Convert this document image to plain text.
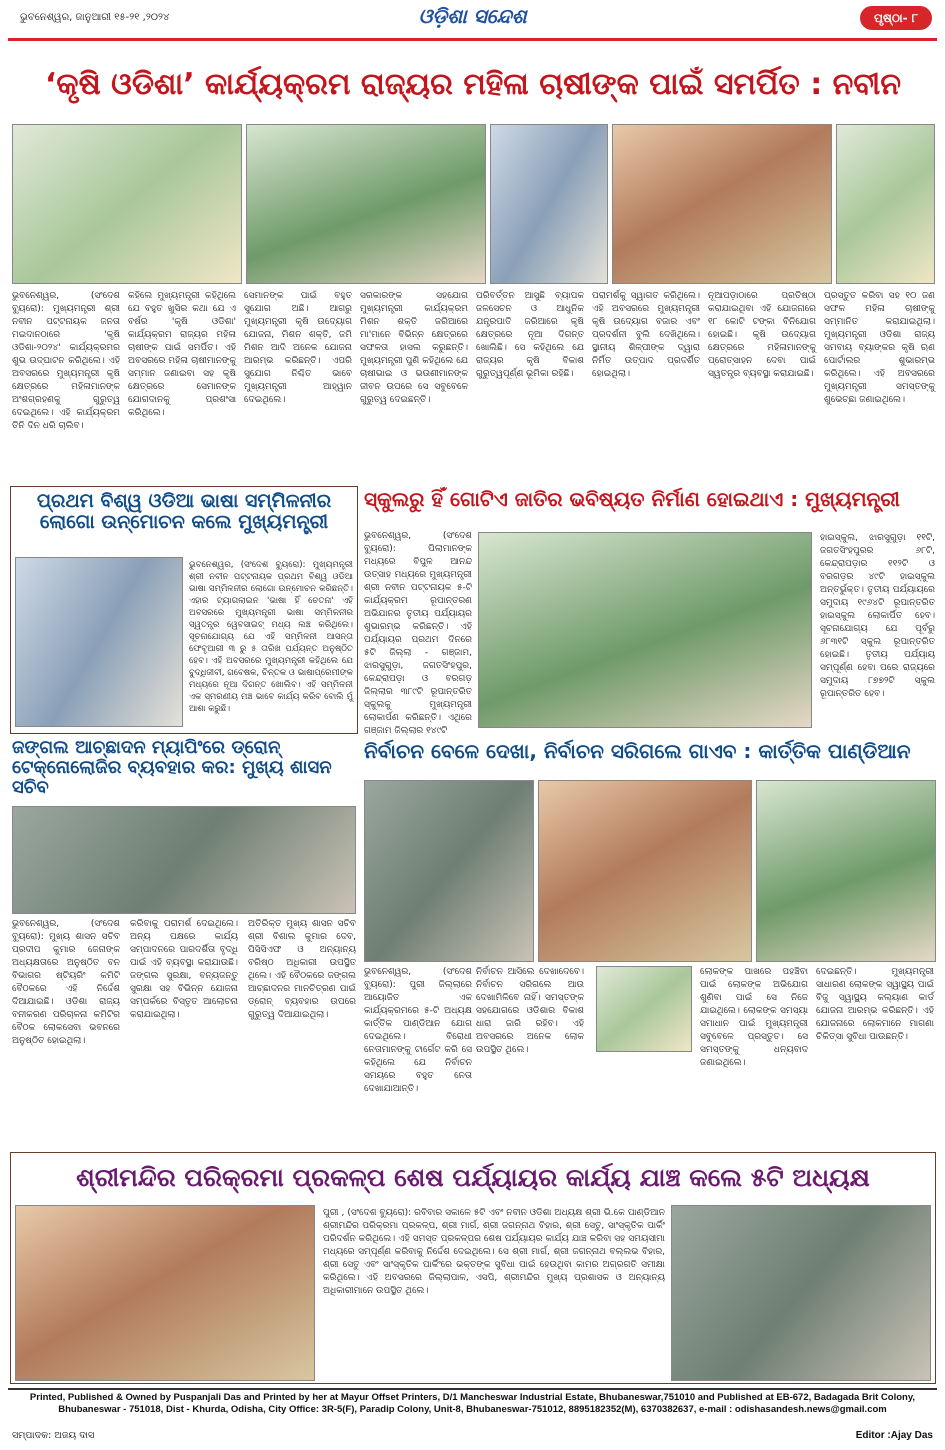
ଭୁବନେଶ୍ୱର, ଜାନୁଆରୀ ୧୫-୨୧ ,୨୦୨୪	ଓଡ଼ିଶା ସନ୍ଦେଶ	ପୃଷ୍ଠା- ୮
‘କୃଷି ଓଡିଶା’ କାର୍ଯ୍ୟକ୍ରମ ରାଜ୍ୟର ମହିଳା ଚାଷୀଙ୍କ ପାଇଁ ସମର୍ପିତ : ନବୀନ
ଭୁବନେଶ୍ୱର, (ସଂଦେଶ ବ୍ୟୁରୋ): ମୁଖ୍ୟମନ୍ତ୍ରୀ ଶ୍ରୀ ନବୀନ ପଟ୍ଟନାୟକ ଜନତା ମଇଦାନଠାରେ 'କୃଷି ଓଡିଶା-୨୦୨୪' କାର୍ଯ୍ୟକ୍ରମର ଶୁଭ ଉଦ୍‌ଘାଟନ କରିଥିଲେ। ଏହି ଅବସରରେ ମୁଖ୍ୟମନ୍ତ୍ରୀ କୃଷି କ୍ଷେତ୍ରରେ ମହିଳାମାନଙ୍କ ଅଂଶଗ୍ରହଣକୁ ଗୁରୁତ୍ୱ ଦେଇଥିଲେ। ଏହି କାର୍ଯ୍ୟକ୍ରମ ତିନି ଦିନ ଧରି ଚାଲିବ।
କହିଲେ ମୁଖ୍ୟମନ୍ତ୍ରୀ କହିଥିଲେ ଯେ ବହୁତ ଖୁସିର କଥା ଯେ ଏ ବର୍ଷର 'କୃଷି ଓଡିଶା' କାର୍ଯ୍ୟକ୍ରମ ରାଜ୍ୟର ମହିଳା ଚାଷୀଙ୍କ ପାଇଁ ସମର୍ପିତ। ଏହି ଅବସରରେ ମହିଳା ଚାଷୀମାନଙ୍କୁ ସମ୍ମାନ ଜଣାଇବା ସହ କୃଷି କ୍ଷେତ୍ରରେ ସେମାନଙ୍କ ଯୋଗଦାନକୁ ପ୍ରଶଂସା କରିଥିଲେ।
ସେମାନଙ୍କ ପାଇଁ ବହୁତ ସୁଯୋଗ ଅଛି। ଆଗରୁ ମୁଖ୍ୟମନ୍ତ୍ରୀ କୃଷି ଉଦ୍ୟୋଗ ଯୋଜନା, ମିଶନ ଶକ୍ତି, ଜମି ମିଶନ ଆଦି ଅନେକ ଯୋଜନା ଆରମ୍ଭ କରିଛନ୍ତି। ଏପରି ସୁଯୋଗ ନିଶ୍ଚିତ ଭାବେ ମୁଖ୍ୟମନ୍ତ୍ରୀ ଆହ୍ୱାନ ଦେଇଥିଲେ।
ସରକାରଙ୍କ ସହଯୋଗ ମୁଖ୍ୟମନ୍ତ୍ରୀ କାର୍ଯ୍ୟକ୍ରମ ମିଶନ ଶକ୍ତି ଜରିଆରେ ମା'ମାନେ ବିଭିନ୍ନ କ୍ଷେତ୍ରରେ ସଫଳତା ହାସଲ କରୁଛନ୍ତି। ମୁଖ୍ୟମନ୍ତ୍ରୀ ପୁଣି କହିଥିଲେ ଯେ ଚାଷୀଭାଇ ଓ ଭଉଣୀମାନଙ୍କ ଜୀବନ ଉପରେ ସେ ସବୁବେଳେ ଗୁରୁତ୍ୱ ଦେଇଛନ୍ତି।
ପରିବର୍ତ୍ତନ ଆସୁଛି ବ୍ୟାପକ ଜଳସେଚନ ଓ ଆଧୁନିକ ଯନ୍ତ୍ରପାତି ଜରିଆରେ କୃଷି କ୍ଷେତ୍ରରେ ନୂଆ ଦିଗନ୍ତ ଖୋଲିଛି। ସେ କହିଥିଲେ ଯେ ରାଜ୍ୟର କୃଷି ବିକାଶ ଗୁରୁତ୍ୱପୂର୍ଣ୍ଣ ଭୂମିକା ରହିଛି।
ପରାମର୍ଶକୁ ସ୍ୱାଗତ କରିଥିଲେ। ଏହି ଅବସରରେ ମୁଖ୍ୟମନ୍ତ୍ରୀ କୃଷି ଉଦ୍ୟୋଗ ବଜାର ଏବଂ ପ୍ରଦର୍ଶନୀ ବୁଲି ଦେଖିଥିଲେ। ସ୍ଥାନୀୟ ଶିଳ୍ପୀଙ୍କ ଦ୍ୱାରା ନିର୍ମିତ ଉତ୍ପାଦ ପ୍ରଦର୍ଶିତ ହୋଇଥିଲା।
ନୂଆପଡ଼ାଠାରେ ପ୍ରତିଷ୍ଠା କରାଯାଇଥିବା ଏହି ଯୋଜନାରେ ୧୮ କୋଟି ଟଙ୍କା ବିନିଯୋଗ ହୋଇଛି। କୃଷି ଉଦ୍ୟୋଗ କ୍ଷେତ୍ରରେ ମହିଳାମାନଙ୍କୁ ପ୍ରୋତ୍ସାହନ ଦେବା ପାଇଁ ସ୍ୱତନ୍ତ୍ର ବ୍ୟବସ୍ଥା କରାଯାଇଛି।
ପ୍ରସ୍ତୁତ କରିବା ସହ ୧୦ ଜଣ ସଫଳ ମହିଳା ଚାଷୀଙ୍କୁ ସମ୍ମାନିତ କରାଯାଇଥିଲା। ମୁଖ୍ୟମନ୍ତ୍ରୀ ଓଡିଶା ରାଜ୍ୟ ସମବାୟ ବ୍ୟାଙ୍କର କୃଷି ଋଣ ପୋର୍ଟାଲର ଶୁଭାରମ୍ଭ କରିଥିଲେ। ଏହି ଅବସରରେ ମୁଖ୍ୟମନ୍ତ୍ରୀ ସମସ୍ତଙ୍କୁ ଶୁଭେଚ୍ଛା ଜଣାଇଥିଲେ।
ପ୍ରଥମ ବିଶ୍ୱ ଓଡିଆ ଭାଷା ସମ୍ମିଳନୀର ଲୋଗୋ ଉନ୍ମୋଚନ କଲେ ମୁଖ୍ୟମନ୍ତ୍ରୀ
ଭୁବନେଶ୍ୱର, (ସଂଦେଶ ବ୍ୟୁରୋ): ମୁଖ୍ୟମନ୍ତ୍ରୀ ଶ୍ରୀ ନବୀନ ପଟ୍ଟନାୟକ ପ୍ରଥମ ବିଶ୍ୱ ଓଡିଆ ଭାଷା ସମ୍ମିଳନୀର ଲୋଗୋ ଉନ୍ମୋଚନ କରିଛନ୍ତି। ଏହାର ଟ୍ୟାଗଲାଇନ 'ଭାଷା ହିଁ ଚେତନା' ଏହି ଅବସରରେ ମୁଖ୍ୟମନ୍ତ୍ରୀ ଭାଷା ସମ୍ମିଳନୀର ସ୍ୱତନ୍ତ୍ର ୱେବସାଇଟ୍ ମଧ୍ୟ ଲଞ୍ଚ କରିଥିଲେ। ସୂଚନାଯୋଗ୍ୟ ଯେ ଏହି ସମ୍ମିଳନୀ ଆସନ୍ତା ଫେବୃଆରୀ ୩ ରୁ ୫ ତାରିଖ ପର୍ଯ୍ୟନ୍ତ ଅନୁଷ୍ଠିତ ହେବ। ଏହି ଅବସରରେ ମୁଖ୍ୟମନ୍ତ୍ରୀ କହିଥିଲେ ଯେ ବୁଦ୍ଧିଜୀବୀ, ଗବେଷକ, ଚିନ୍ତକ ଓ ଭାଷାପ୍ରେମୀଙ୍କ ମଧ୍ୟରେ ନୂଆ ଦିଗନ୍ତ ଖୋଲିବ। ଏହି ସମ୍ମିଳନୀ ଏକ ସ୍ମରଣୀୟ ମଞ୍ଚ ଭାବେ କାର୍ଯ୍ୟ କରିବ ବୋଲି ମୁଁ ଆଶା କରୁଛି।
ସ୍କୁଲରୁ ହିଁ ଗୋଟିଏ ଜାତିର ଭବିଷ୍ୟତ ନିର୍ମାଣ ହୋଇଥାଏ : ମୁଖ୍ୟମନ୍ତ୍ରୀ
ଭୁବନେଶ୍ୱର, (ସଂଦେଶ ବ୍ୟୁରୋ): ପିଲାମାନଙ୍କ ମଧ୍ୟରେ ବିପୁଳ ଆନନ୍ଦ ଉତ୍ସାହ ମଧ୍ୟରେ ମୁଖ୍ୟମନ୍ତ୍ରୀ ଶ୍ରୀ ନବୀନ ପଟ୍ଟନାୟକ ୫-ଟି କାର୍ଯ୍ୟକ୍ରମ ରୂପାନ୍ତରଣ ଅଭିଯାନର ତୃତୀୟ ପର୍ଯ୍ୟାୟର ଶୁଭାରମ୍ଭ କରିଛନ୍ତି। ଏହି ପର୍ଯ୍ୟାୟର ପ୍ରଥମ ଦିନରେ ୫ଟି ଜିଲ୍ଲା - ଗଞ୍ଜାମ, ଝାରସୁଗୁଡ଼ା, ଜଗତସିଂହପୁର, କେନ୍ଦ୍ରାପଡ଼ା ଓ ବରଗଡ଼ ଜିଲ୍ଲାର ୩୮୯ଟି ରୂପାନ୍ତରିତ ସ୍କୁଲକୁ ମୁଖ୍ୟମନ୍ତ୍ରୀ ଲୋକାର୍ପଣ କରିଛନ୍ତି। ଏଥିରେ ଗଞ୍ଜାମ ଜିଲ୍ଲାର ୧୪୯ଟି
ହାଇସ୍କୁଲ, ଝାରସୁଗୁଡ଼ା ୧୧ଟି, ଜଗତସିଂହପୁରର ୬୮ଟି, କେନ୍ଦ୍ରାପଡ଼ାର ୧୧୨ଟି ଓ ବରଗଡ଼ର ୪୯ଟି ହାଇସ୍କୁଲ ଅନ୍ତର୍ଭୁକ୍ତ। ତୃତୀୟ ପର୍ଯ୍ୟାୟରେ ସମୁଦାୟ ୧୯୬୪ଟି ରୂପାନ୍ତରିତ ହାଇସ୍କୁଲ ଲୋକାର୍ପିତ ହେବ। ସୂଚନାଯୋଗ୍ୟ ଯେ ପୂର୍ବରୁ ୬୮୩୧ଟି ସ୍କୁଲ ରୂପାନ୍ତରିତ ହୋଇଛି। ତୃତୀୟ ପର୍ଯ୍ୟାୟ ସମ୍ପୂର୍ଣ୍ଣ ହେବା ପରେ ରାଜ୍ୟରେ ସମୁଦାୟ ୮୭୭୨ଟି ସ୍କୁଲ ରୂପାନ୍ତରିତ ହେବ।
ଜଙ୍ଗଲ ଆଚ୍ଛାଦନ ମ୍ୟାପିଂରେ ଡ୍ରୋନ୍ ଟେକ୍ନୋଲୋଜିର ବ୍ୟବହାର କର: ମୁଖ୍ୟ ଶାସନ ସଚିବ
ଭୁବନେଶ୍ୱର, (ସଂଦେଶ ବ୍ୟୁରୋ): ମୁଖ୍ୟ ଶାସନ ସଚିବ ପ୍ରଦୀପ କୁମାର ଜେନାଙ୍କ ଅଧ୍ୟକ୍ଷତାରେ ଅନୁଷ୍ଠିତ ବନ ବିଭାଗର ଷ୍ଟିୟରିଂ କମିଟି ବୈଠକରେ ଏହି ନିର୍ଦ୍ଦେଶ ଦିଆଯାଇଛି। ଓଡିଶା ରାଜ୍ୟ ବନୀକରଣ ପରିଚାଳନା କମିଟିର ବୈଠକ ଲୋକସେବା ଭବନରେ ଅନୁଷ୍ଠିତ ହୋଇଥିଲା।
କରିବାକୁ ପରାମର୍ଶ ଦେଇଥିଲେ। ଅନ୍ୟ ପକ୍ଷରେ କାର୍ଯ୍ୟ ସମ୍ପାଦନରେ ପାରଦର୍ଶିତା ବୃଦ୍ଧି ପାଇଁ ଏହି ବ୍ୟବସ୍ଥା କରାଯାଉଛି। ଜଙ୍ଗଲ ସୁରକ୍ଷା, ବନ୍ୟଜନ୍ତୁ ସୁରକ୍ଷା ସହ ବିଭିନ୍ନ ଯୋଜନା ସମ୍ପର୍କରେ ବିସ୍ତୃତ ଆଲୋଚନା କରାଯାଇଥିଲା।
ଅତିରିକ୍ତ ମୁଖ୍ୟ ଶାସନ ସଚିବ ଶ୍ରୀ ବିଶାଲ କୁମାର ଦେବ, ପିସିସିଏଫ ଓ ଅନ୍ୟାନ୍ୟ ବରିଷ୍ଠ ଅଧିକାରୀ ଉପସ୍ଥିତ ଥିଲେ। ଏହି ବୈଠକରେ ଜଙ୍ଗଲ ଆଚ୍ଛାଦନର ମାନଚିତ୍ରଣ ପାଇଁ ଡ୍ରୋନ୍ ବ୍ୟବହାର ଉପରେ ଗୁରୁତ୍ୱ ଦିଆଯାଇଥିଲା।
ନିର୍ବାଚନ ବେଳେ ଦେଖା, ନିର୍ବାଚନ ସରିଗଲେ ଗାଏବ : କାର୍ତ୍ତିକ ପାଣ୍ଡିଆନ
ଭୁବନେଶ୍ୱର, (ସଂଦେଶ ବ୍ୟୁରୋ): ପୁରୀ ଜିଲ୍ଲାରେ ଆୟୋଜିତ ଏକ କାର୍ଯ୍ୟକ୍ରମରେ ୫-ଟି ଅଧ୍ୟକ୍ଷ କାର୍ତ୍ତିକ ପାଣ୍ଡିଆନ ଯୋଗ ଦେଇଥିଲେ। ବିରୋଧୀ ନେତାମାନଙ୍କୁ ଟାର୍ଗେଟ କରି ସେ କହିଥିଲେ ଯେ ନିର୍ବାଚନ ସମୟରେ ବହୁତ ନେତା ଦେଖାଯାଆନ୍ତି।
ନିର୍ବାଚନ ଆସିଲେ ଦେଖାଦେବେ। ନିର୍ବାଚନ ସରିଗଲେ ଆଉ ଦେଖାମିଳିବେ ନାହିଁ। ସମସ୍ତଙ୍କ ସହଯୋଗରେ ଓଡିଶାର ବିକାଶ ଧାରା ଜାରି ରହିବ। ଏହି ଅବସରରେ ଅନେକ ଲୋକ ଉପସ୍ଥିତ ଥିଲେ।
ଲୋକଙ୍କ ପାଖରେ ପହଞ୍ଚିବା ପାଇଁ ଲୋକଙ୍କ ଅଭିଯୋଗ ଶୁଣିବା ପାଇଁ ସେ ନିଜେ ଯାଇଥିଲେ। ଲୋକଙ୍କ ସମସ୍ୟା ସମାଧାନ ପାଇଁ ମୁଖ୍ୟମନ୍ତ୍ରୀ ସବୁବେଳେ ପ୍ରସ୍ତୁତ। ସେ ସମସ୍ତଙ୍କୁ ଧନ୍ୟବାଦ ଜଣାଇଥିଲେ।
ଦେଇଛନ୍ତି। ମୁଖ୍ୟମନ୍ତ୍ରୀ ସାଧାରଣ ଲୋକଙ୍କ ସ୍ୱାସ୍ଥ୍ୟ ପାଇଁ ବିଜୁ ସ୍ୱାସ୍ଥ୍ୟ କଲ୍ୟାଣ କାର୍ଡ ଯୋଜନା ଆରମ୍ଭ କରିଛନ୍ତି। ଏହି ଯୋଜନାରେ ଲୋକମାନେ ମାଗଣା ଚିକିତ୍ସା ସୁବିଧା ପାଉଛନ୍ତି।
ଶ୍ରୀମନ୍ଦିର ପରିକ୍ରମା ପ୍ରକଳ୍ପ ଶେଷ ପର୍ଯ୍ୟାୟର କାର୍ଯ୍ୟ ଯାଞ୍ଚ କଲେ ୫ଟି ଅଧ୍ୟକ୍ଷ
ପୁରୀ , (ସଂଦେଶ ବ୍ୟୁରୋ): ରବିବାର ସକାଳେ ୫ଟି ଏବଂ ନବୀନ ଓଡିଶା ଅଧ୍ୟକ୍ଷ ଶ୍ରୀ ଭି.କେ ପାଣ୍ଡିଆନ ଶ୍ରୀମନ୍ଦିର ପରିକ୍ରମା ପ୍ରକଳ୍ପ, ଶ୍ରୀ ମାର୍ଗ, ଶ୍ରୀ ଜଗନ୍ନାଥ ବିହାର, ଶ୍ରୀ ସେତୁ, ସାଂସ୍କୃତିକ ପାର୍କିଂ ପରିଦର୍ଶନ କରିଥିଲେ। ଏହି ସମସ୍ତ ପ୍ରକଳ୍ପର ଶେଷ ପର୍ଯ୍ୟାୟର କାର୍ଯ୍ୟ ଯାଞ୍ଚ କରିବା ସହ ସମୟସୀମା ମଧ୍ୟରେ ସମ୍ପୂର୍ଣ୍ଣ କରିବାକୁ ନିର୍ଦ୍ଦେଶ ଦେଇଥିଲେ। ସେ ଶ୍ରୀ ମାର୍ଗ, ଶ୍ରୀ ଜଗନ୍ନାଥ ବଲ୍ଲଭ ବିହାର, ଶ୍ରୀ ସେତୁ ଏବଂ ସାଂସ୍କୃତିକ ପାର୍କିଂରେ ଭକ୍ତଙ୍କ ସୁବିଧା ପାଇଁ ହେଉଥିବା କାମର ଅଗ୍ରଗତି ସମୀକ୍ଷା କରିଥିଲେ। ଏହି ଅବସରରେ ଜିଲ୍ଲାପାଳ, ଏସପି, ଶ୍ରୀମନ୍ଦିର ମୁଖ୍ୟ ପ୍ରଶାସକ ଓ ଅନ୍ୟାନ୍ୟ ଅଧିକାରୀମାନେ ଉପସ୍ଥିତ ଥିଲେ।
Printed, Published & Owned by Puspanjali Das and Printed by her at Mayur Offset Printers, D/1 Mancheswar Industrial Estate, Bhubaneswar,751010 and Published at EB-672, Badagada Brit Colony, Bhubaneswar - 751018, Dist - Khurda, Odisha, City Office: 3R-5(F), Paradip Colony, Unit-8, Bhubaneswar-751012, 8895182352(M), 6370382637, e-mail : odishasandesh.news@gmail.com
ସମ୍ପାଦକ: ଅଜୟ ଦାସ	Editor :Ajay Das
